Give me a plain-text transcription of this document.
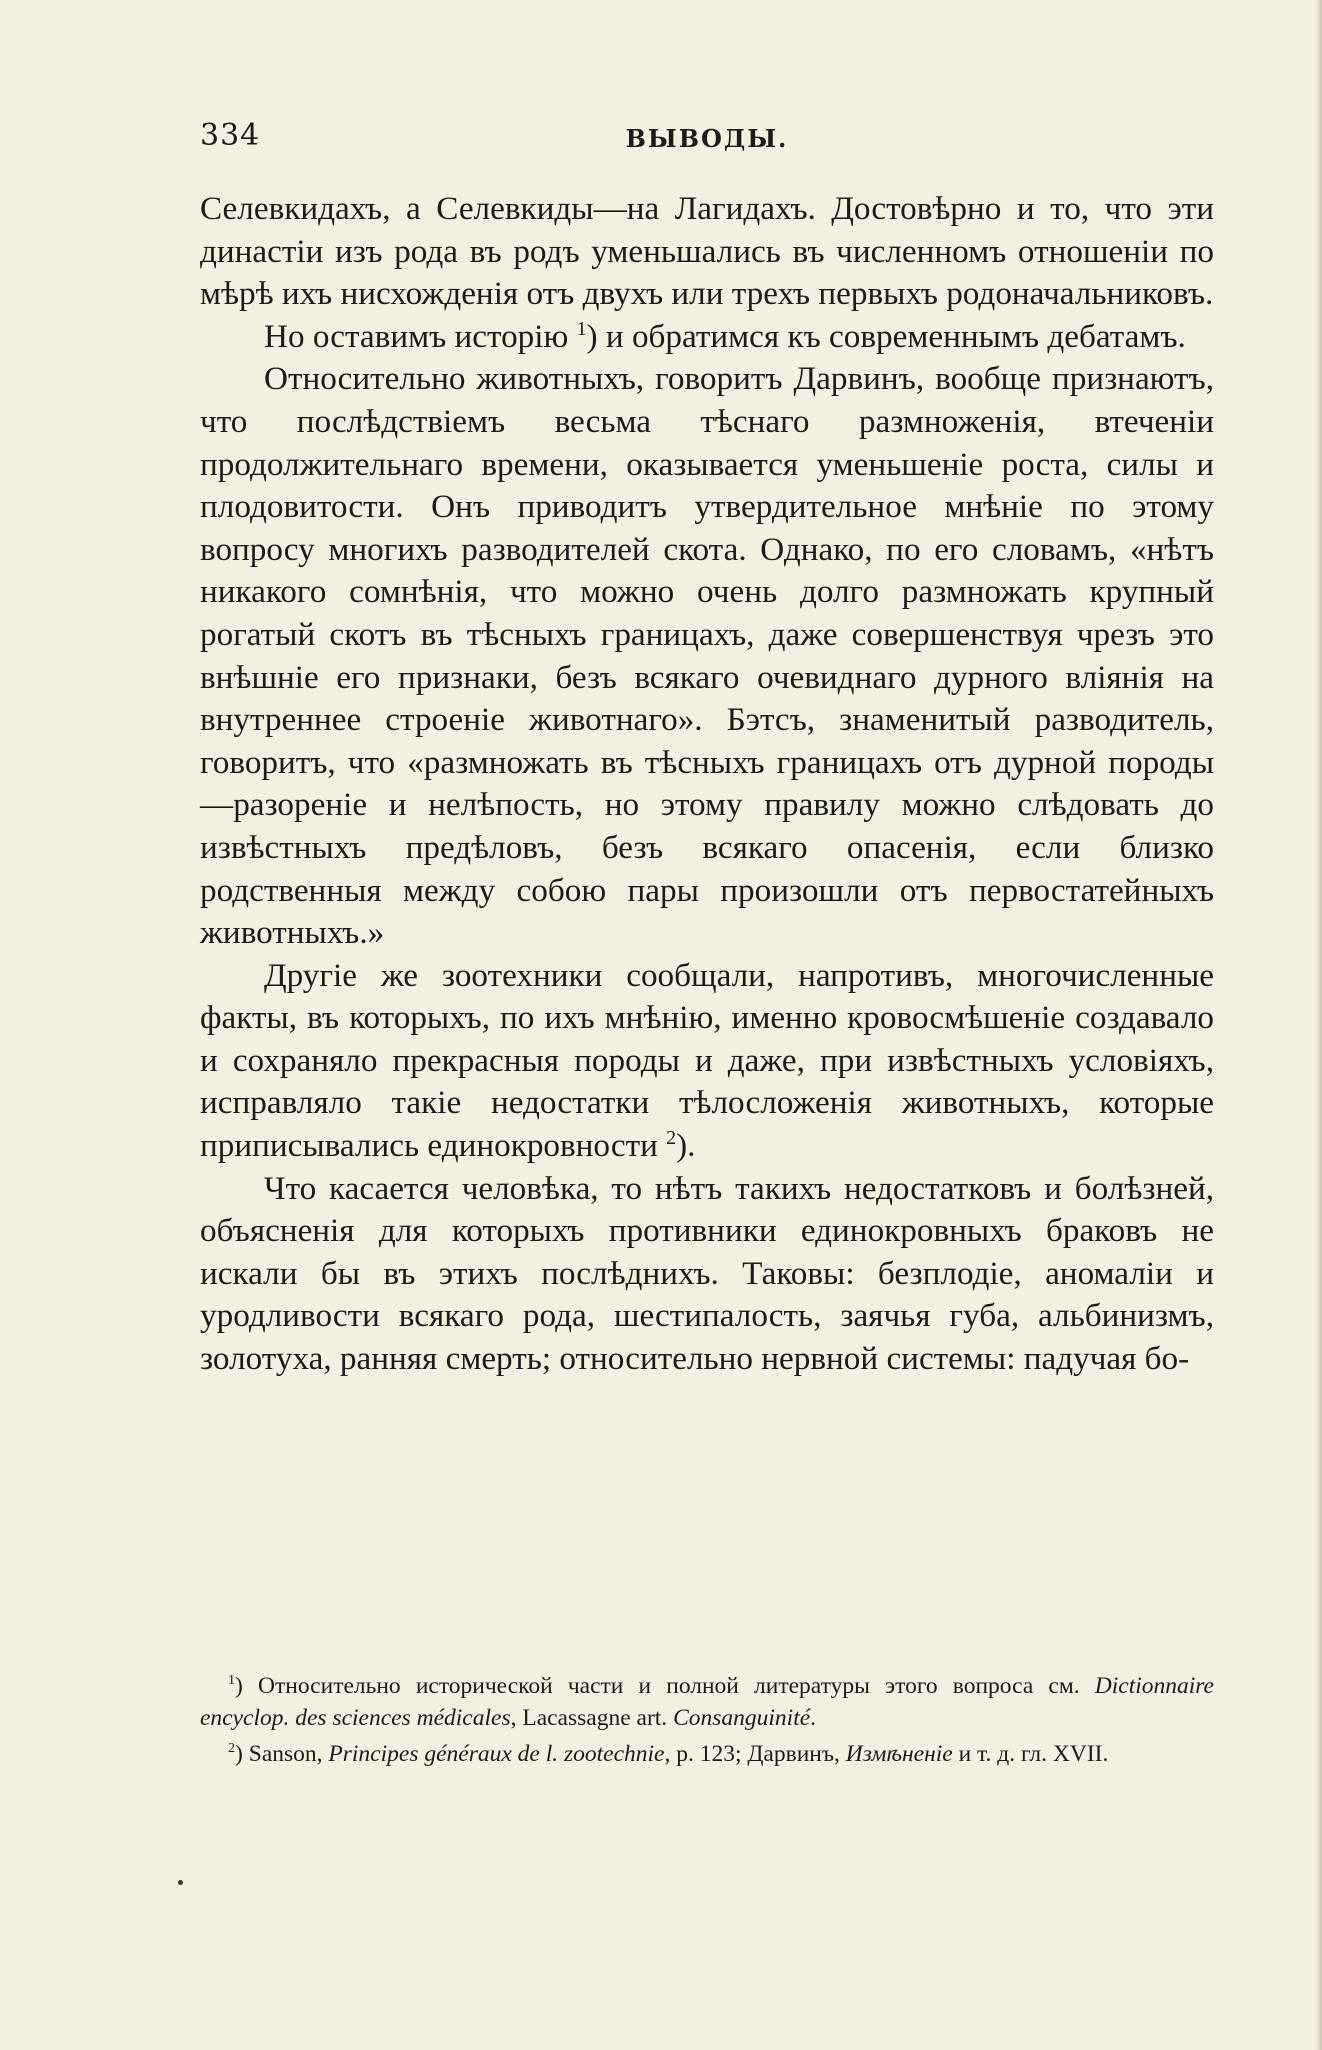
334	ВЫВОДЫ.

Селевкидахъ, а Селевкиды—на Лагидахъ. Достовѣрно и то, что эти династiи изъ рода въ родъ уменьшались въ численномъ отношенiи по мѣрѣ ихъ нисхожденiя отъ двухъ или трехъ первыхъ родоначальниковъ.

Но оставимъ исторiю $^1$) и обратимся къ современнымъ дебатамъ.

Относительно животныхъ, говоритъ Дарвинъ, вообще признаютъ, что послѣдствiемъ весьма тѣснаго размноженiя, втеченiи продолжительнаго времени, оказывается уменьшенiе роста, силы и плодовитости. Онъ приводитъ утвердительное мнѣнiе по этому вопросу многихъ разводителей скота. Однако, по его словамъ, «нѣтъ никакого сомнѣнiя, что можно очень долго размножать крупный рогатый скотъ въ тѣсныхъ границахъ, даже совершенствуя чрезъ это внѣшнiе его признаки, безъ всякаго очевиднаго дурного влiянiя на внутреннее строенiе животнаго». Бэтсъ, знаменитый разводитель, говоритъ, что «размножать въ тѣсныхъ границахъ отъ дурной породы—разоренiе и нелѣпость, но этому правилу можно слѣдовать до извѣстныхъ предѣловъ, безъ всякаго опасенiя, если близко родственныя между собою пары произошли отъ первостатейныхъ животныхъ.»

Другiе же зоотехники сообщали, напротивъ, многочисленные факты, въ которыхъ, по ихъ мнѣнiю, именно кровосмѣшенiе создавало и сохраняло прекрасныя породы и даже, при извѣстныхъ условiяхъ, исправляло такiе недостатки тѣлосложенiя животныхъ, которые приписывались единокровности $^2$).

Что касается человѣка, то нѣтъ такихъ недостатковъ и болѣзней, объясненiя для которыхъ противники единокровныхъ браковъ не искали бы въ этихъ послѣднихъ. Таковы: безплодiе, аномалiи и уродливости всякаго рода, шестипалость, заячья губа, альбинизмъ, золотуха, ранняя смерть; относительно нервной системы: падучая бо-

$^1$) Относительно исторической части и полной литературы этого вопроса см. Dictionnaire encyclop. des sciences médicales, Lacassagne art. Consanguinité.

$^2$) Sanson, Principes généraux de l. zootechnie, p. 123; Дарвинъ, Измѣненiе и т. д. гл. XVII.
